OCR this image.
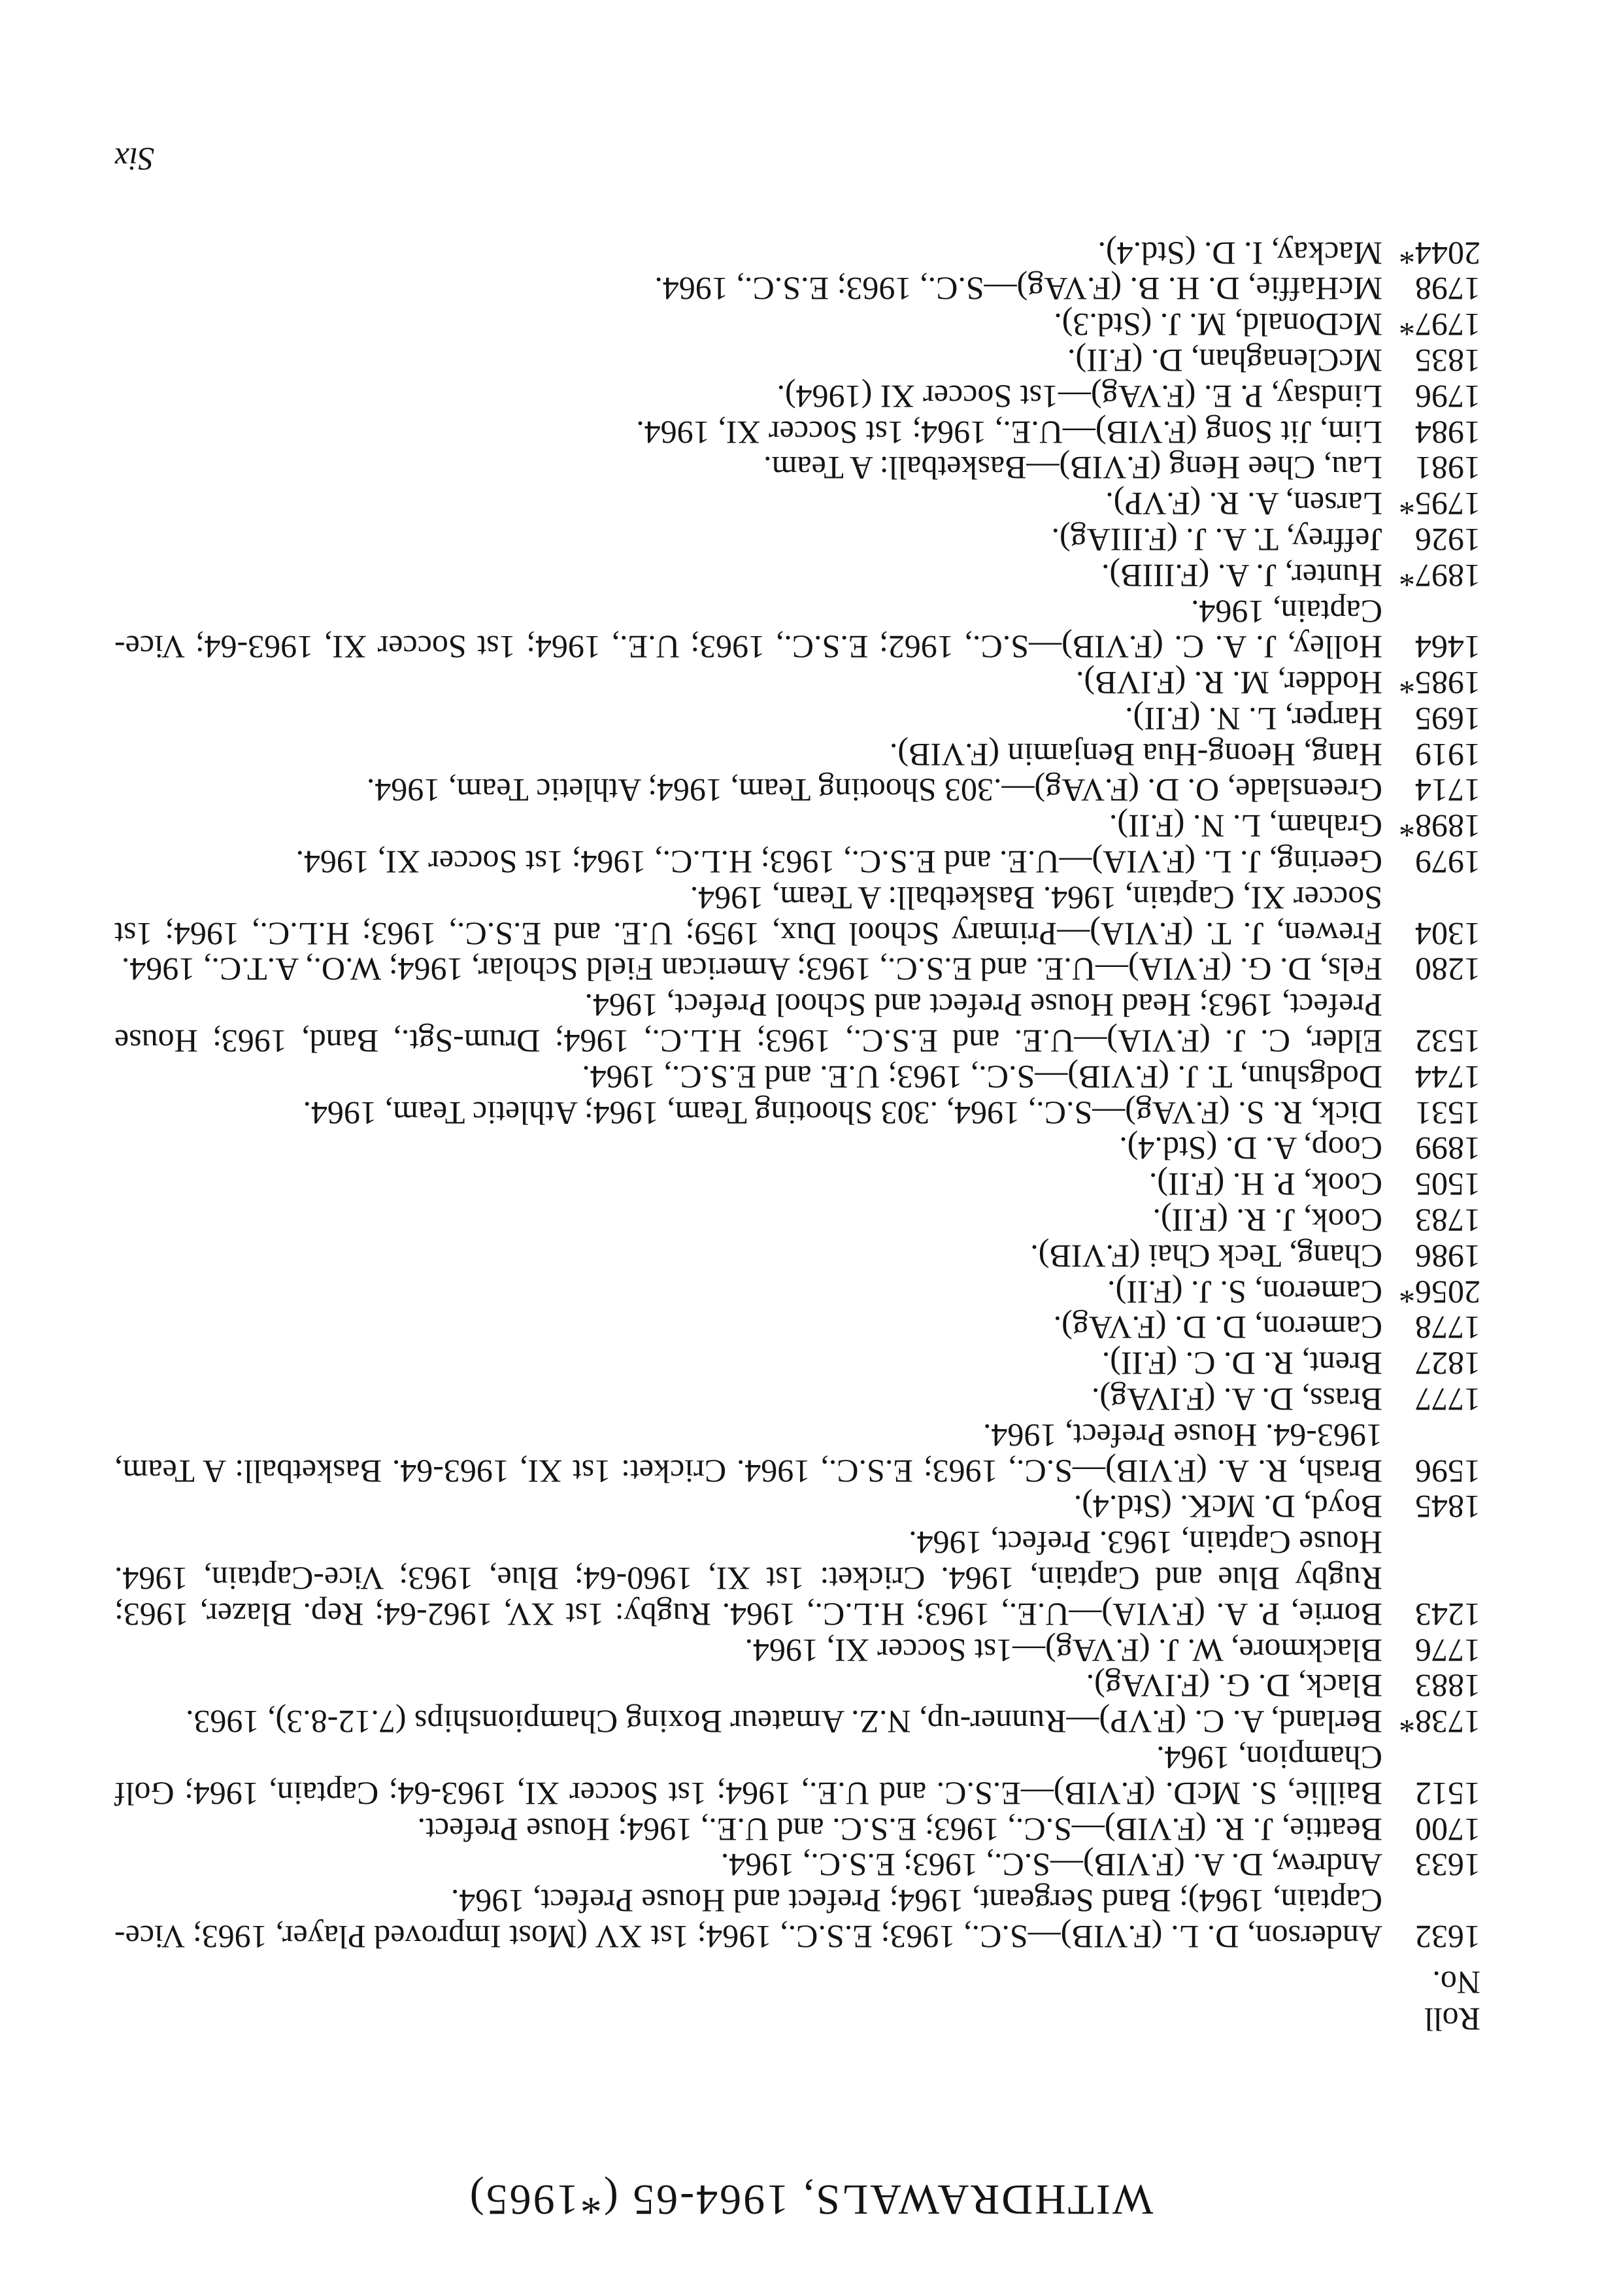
WITHDRAWALS, 1964-65 (*1965)
Roll
No.
1632
Anderson, D. L. (F.VIB)—S.C., 1963; E.S.C., 1964; 1st XV (Most Improved Player, 1963; Vice-Captain, 1964); Band Sergeant, 1964; Prefect and House Prefect, 1964.
1633
Andrew, D. A. (F.VIB)—S.C., 1963; E.S.C., 1964.
1700
Beattie, J. R. (F.VIB)—S.C., 1963; E.S.C. and U.E., 1964; House Prefect.
1512
Baillie, S. McD. (F.VIB)—E.S.C. and U.E., 1964; 1st Soccer XI, 1963-64; Captain, 1964; Golf Champion, 1964.
1738*
Berland, A. C. (F.VP)—Runner-up, N.Z. Amateur Boxing Championships (7.12-8.3), 1963.
1883
Black, D. G. (F.IVAg).
1776
Blackmore, W. J. (F.VAg)—1st Soccer XI, 1964.
1243
Borrie, P. A. (F.VIA)—U.E., 1963; H.L.C., 1964. Rugby: 1st XV, 1962-64; Rep. Blazer, 1963; Rugby Blue and Captain, 1964. Cricket: 1st XI, 1960-64; Blue, 1963; Vice-Captain, 1964. House Captain, 1963. Prefect, 1964.
1845
Boyd, D. McK. (Std.4).
1596
Brash, R. A. (F.VIB)—S.C., 1963; E.S.C., 1964. Cricket: 1st XI, 1963-64. Basketball: A Team, 1963-64. House Prefect, 1964.
1777
Brass, D. A. (F.IVAg).
1827
Brent, R. D. C. (F.II).
1778
Cameron, D. D. (F.VAg).
2056*
Cameron, S. J. (F.II).
1986
Chang, Teck Chai (F.VIB).
1783
Cook, J. R. (F.II).
1505
Cook, P. H. (F.II).
1899
Coop, A. D. (Std.4).
1531
Dick, R. S. (F.VAg)—S.C., 1964, .303 Shooting Team, 1964; Athletic Team, 1964.
1744
Dodgshun, T. J. (F.VIB)—S.C., 1963; U.E. and E.S.C., 1964.
1532
Elder, C. J. (F.VIA)—U.E. and E.S.C., 1963; H.L.C., 1964; Drum-Sgt., Band, 1963; House Prefect, 1963; Head House Prefect and School Prefect, 1964.
1280
Fels, D. G. (F.VIA)—U.E. and E.S.C., 1963; American Field Scholar, 1964; W.O., A.T.C., 1964.
1304
Frewen, J. T. (F.VIA)—Primary School Dux, 1959; U.E. and E.S.C., 1963; H.L.C., 1964; 1st Soccer XI, Captain, 1964. Basketball: A Team, 1964.
1979
Geering, J. L. (F.VIA)—U.E. and E.S.C., 1963; H.L.C., 1964; 1st Soccer XI, 1964.
1898*
Graham, L. N. (F.II).
1714
Greenslade, O. D. (F.VAg)—.303 Shooting Team, 1964; Athletic Team, 1964.
1919
Hang, Heong-Hua Benjamin (F.VIB).
1695
Harper, L. N. (F.II).
1985*
Hodder, M. R. (F.IVB).
1464
Holley, J. A. C. (F.VIB)—S.C., 1962; E.S.C., 1963; U.E., 1964; 1st Soccer XI, 1963-64; Vice-Captain, 1964.
1897*
Hunter, J. A. (F.IIIB).
1926
Jeffrey, T. A. J. (F.IIIAg).
1795*
Larsen, A. R. (F.VP).
1981
Lau, Chee Heng (F.VIB)—Basketball: A Team.
1984
Lim, Jit Song (F.VIB)—U.E., 1964; 1st Soccer XI, 1964.
1796
Lindsay, P. E. (F.VAg)—1st Soccer XI (1964).
1835
McClenaghan, D. (F.II).
1797*
McDonald, M. J. (Std.3).
1798
McHaffie, D. H. B. (F.VAg)—S.C., 1963; E.S.C., 1964.
2044*
Mackay, I. D. (Std.4).
Six
